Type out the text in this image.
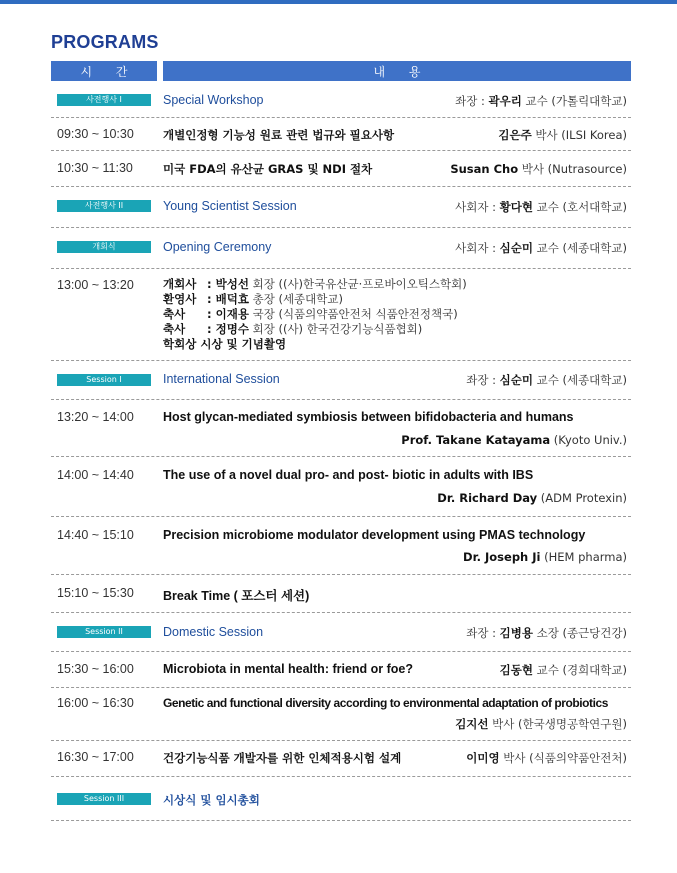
PROGRAMS
시 간	내 용
사전행사 I	Special Workshop	좌장 : 곽우리 교수 (가톨릭대학교)
09:30 ~ 10:30	개별인정형 기능성 원료 관련 법규와 필요사항	김은주 박사 (ILSI Korea)
10:30 ~ 11:30	미국 FDA의 유산균 GRAS 및 NDI 절차	Susan Cho 박사 (Nutrasource)
사전행사 II	Young Scientist Session	사회자 : 황다현 교수 (호서대학교)
개회식	Opening Ceremony	사회자 : 심순미 교수 (세종대학교)
13:00 ~ 13:20	개회사 : 박성선 회장 ((사)한국유산균·프로바이오틱스학회)
환영사 : 배덕효 총장 (세종대학교)
축사 : 이재용 국장 (식품의약품안전처 식품안전정책국)
축사 : 정명수 회장 ((사) 한국건강기능식품협회)
학회상 시상 및 기념촬영
Session I	International Session	좌장 : 심순미 교수 (세종대학교)
13:20 ~ 14:00 Host glycan-mediated symbiosis between bifidobacteria and humans
Prof. Takane Katayama (Kyoto Univ.)
14:00 ~ 14:40 The use of a novel dual pro- and post- biotic in adults with IBS
Dr. Richard Day (ADM Protexin)
14:40 ~ 15:10 Precision microbiome modulator development using PMAS technology
Dr. Joseph Ji (HEM pharma)
15:10 ~ 15:30 Break Time ( 포스터 세션)
Session II	Domestic Session	좌장 : 김병용 소장 (종근당건강)
15:30 ~ 16:00 Microbiota in mental health: friend or foe?	김동현 교수 (경희대학교)
16:00 ~ 16:30 Genetic and functional diversity according to environmental adaptation of probiotics
김지선 박사 (한국생명공학연구원)
16:30 ~ 17:00	건강기능식품 개발자를 위한 인체적용시험 설계	이미영 박사 (식품의약품안전처)
Session III	시상식 및 임시총회
